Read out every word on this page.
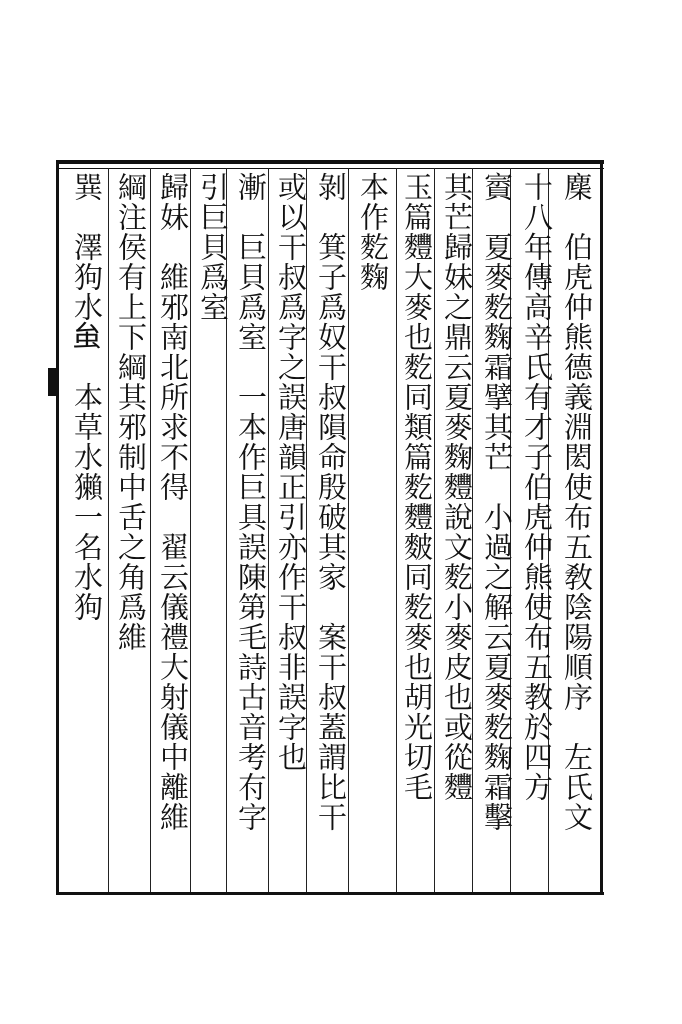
䴢　伯虎仲熊德義淵閎使布五敎陰陽順序　左氏文
十八年傳高辛氏有才子伯虎仲熊使布五教於四方
賨　夏麥麧麴霜擘其芒　小過之解云夏麥麧麴霜擊
其芒歸妹之鼎云夏麥麴麷說文麧小麥皮也或從麷
玉篇麷大麥也麧同類篇麧麷麬同麧麥也胡光切毛
本作麧麴
剝　箕子爲奴干叔隕命殷破其家　案干叔蓋謂比干
或以干叔爲字之誤唐韻正引亦作干叔非誤字也
漸　巨貝爲室　一本作巨具誤陳第毛詩古音考𠕇字
引巨貝爲室
歸妹　維邪南北所求不得　翟云儀禮大射儀中離維
綱注侯有上下綱其邪制中舌之角爲維
巽　澤狗水𧈧　本草水獺一名水狗
